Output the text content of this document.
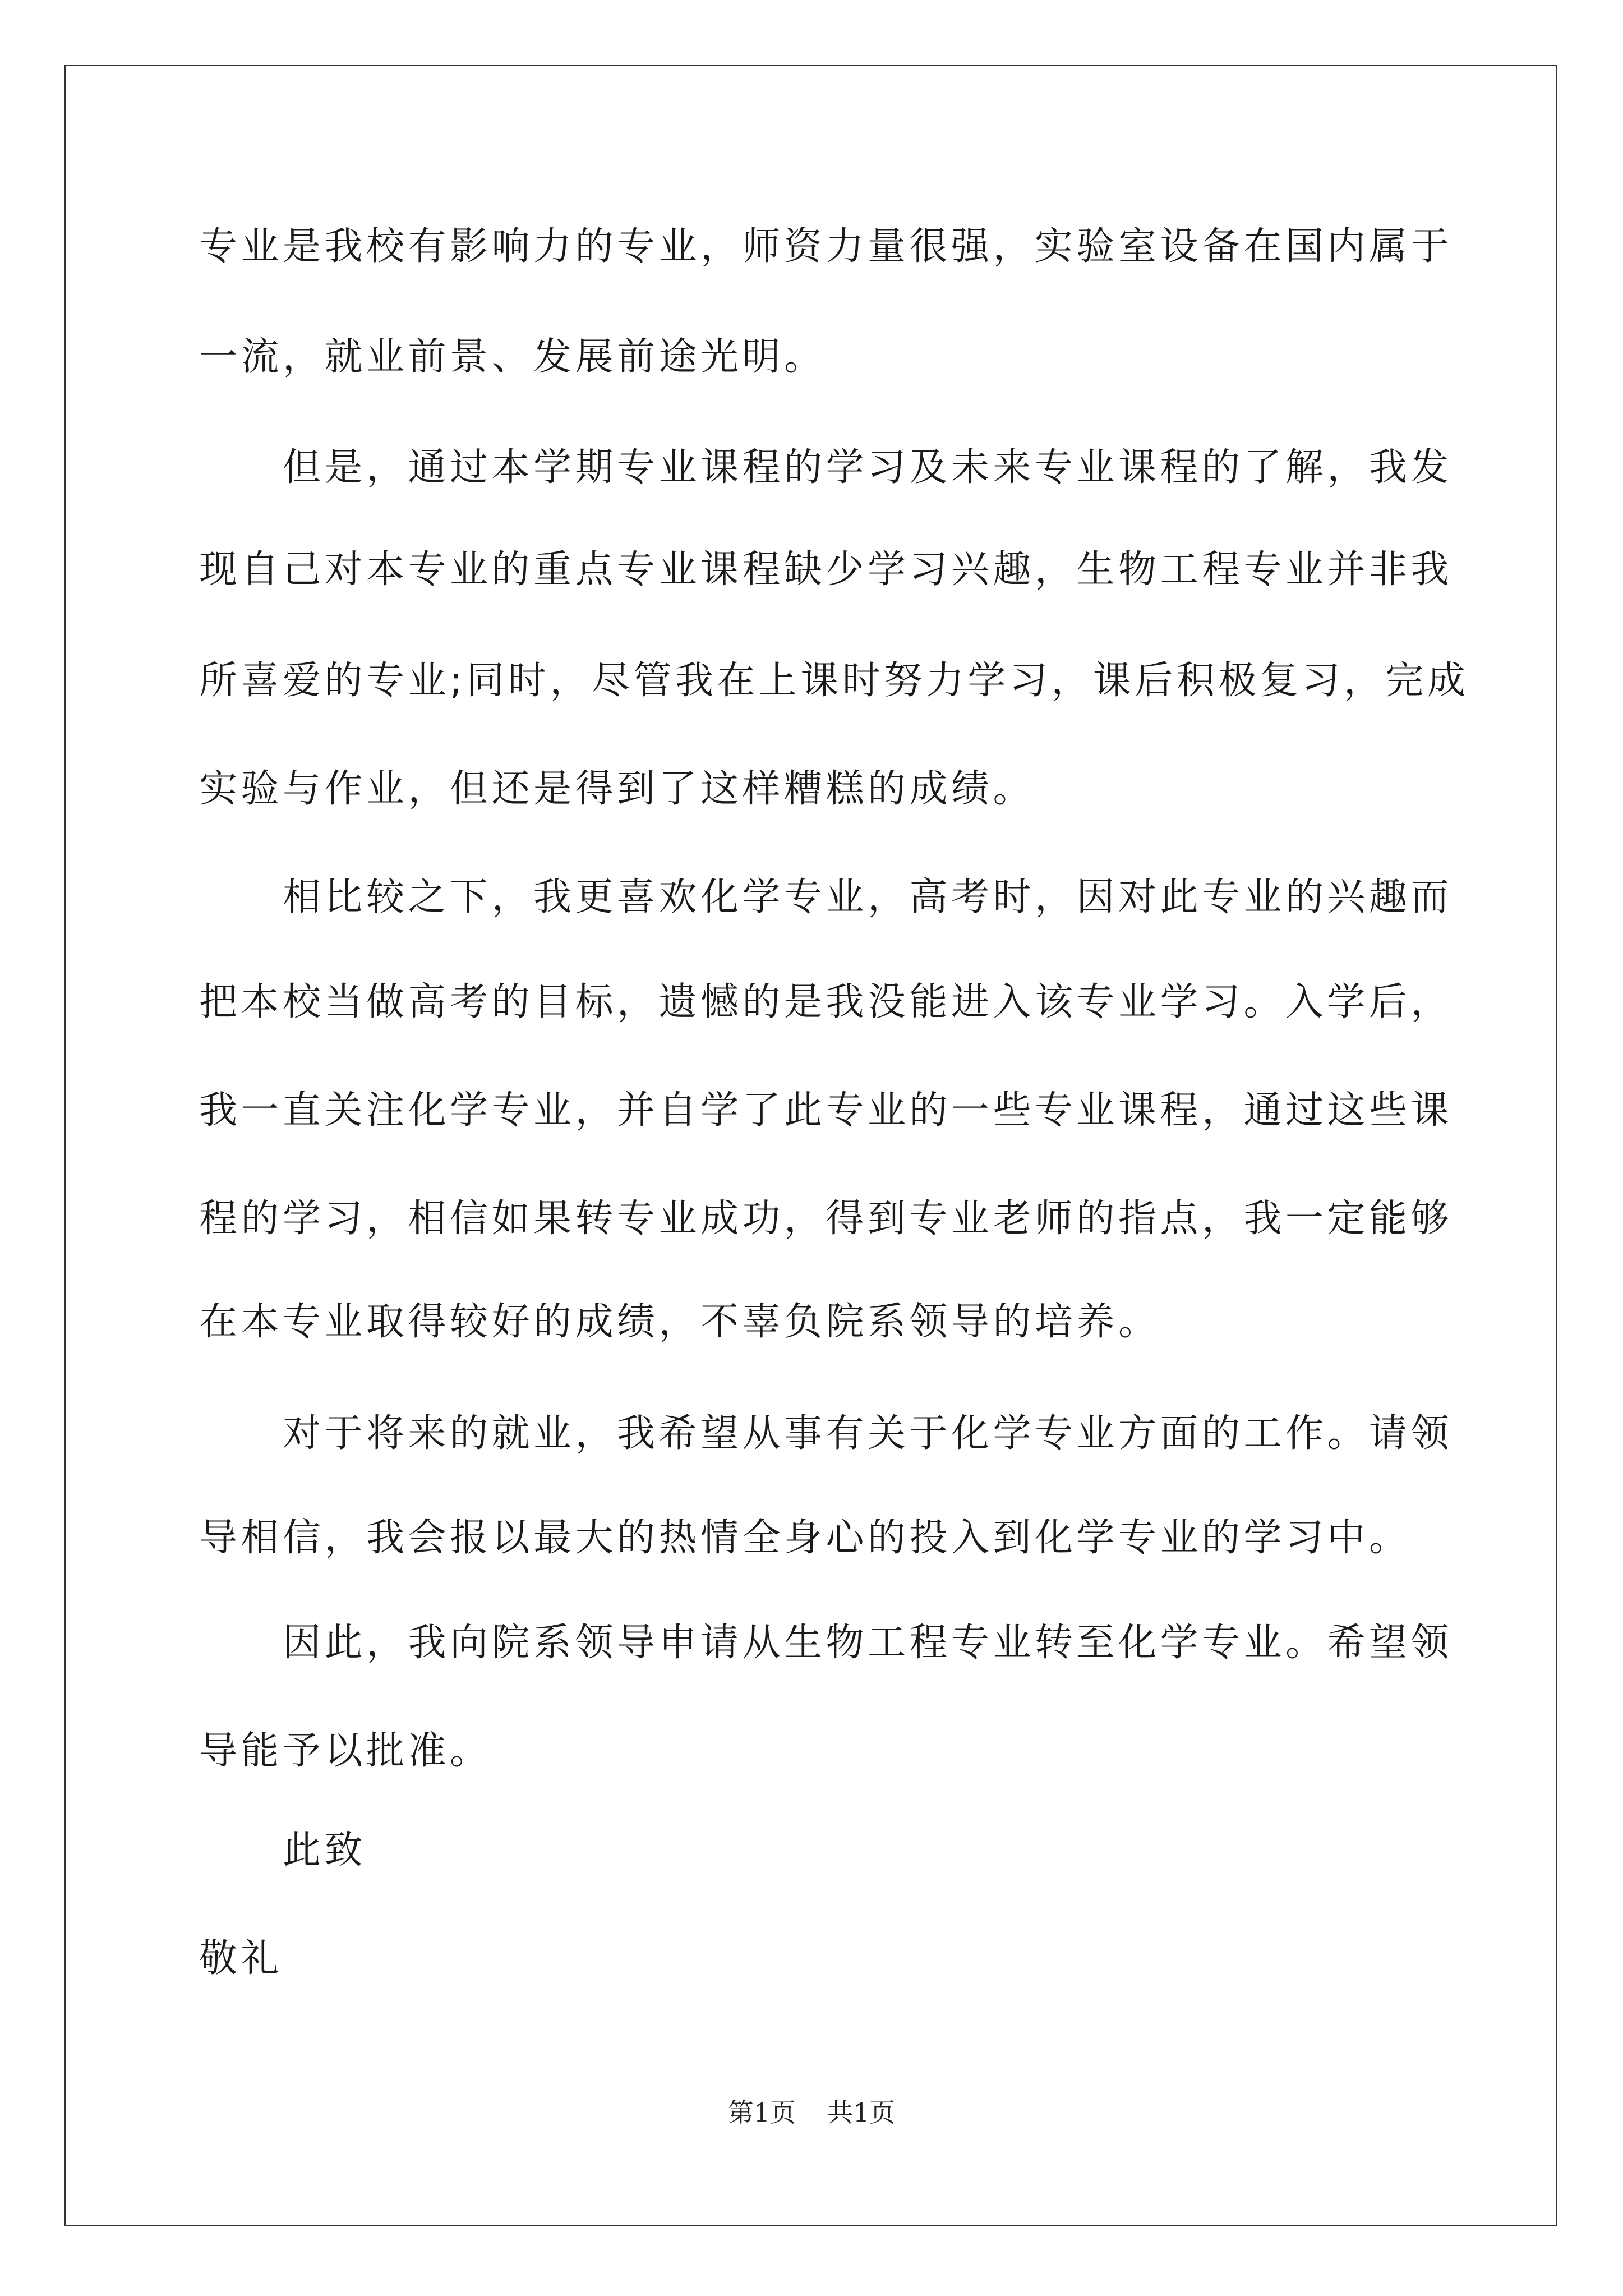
专业是我校有影响力的专业，师资力量很强，实验室设备在国内属于
一流，就业前景、发展前途光明。
　　但是，通过本学期专业课程的学习及未来专业课程的了解，我发
现自己对本专业的重点专业课程缺少学习兴趣，生物工程专业并非我
所喜爱的专业;同时，尽管我在上课时努力学习，课后积极复习，完成
实验与作业，但还是得到了这样糟糕的成绩。
　　相比较之下，我更喜欢化学专业，高考时，因对此专业的兴趣而
把本校当做高考的目标，遗憾的是我没能进入该专业学习。入学后，
我一直关注化学专业，并自学了此专业的一些专业课程，通过这些课
程的学习，相信如果转专业成功，得到专业老师的指点，我一定能够
在本专业取得较好的成绩，不辜负院系领导的培养。
　　对于将来的就业，我希望从事有关于化学专业方面的工作。请领
导相信，我会报以最大的热情全身心的投入到化学专业的学习中。
　　因此，我向院系领导申请从生物工程专业转至化学专业。希望领
导能予以批准。
　　此致
敬礼
第1页 共1页
